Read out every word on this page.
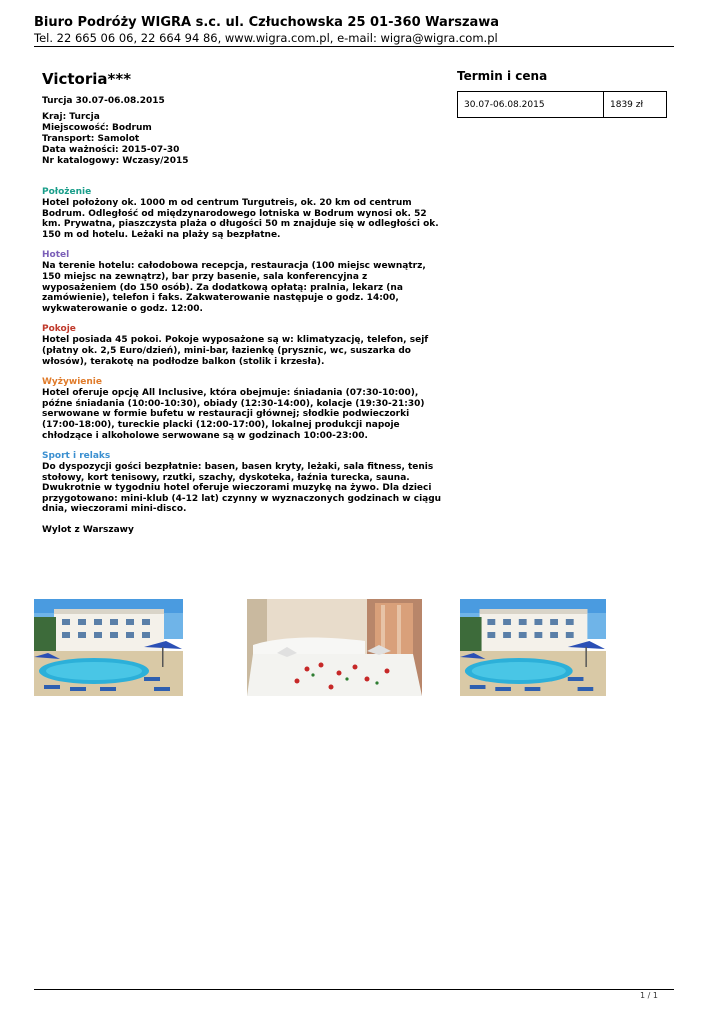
Biuro Podróży WIGRA s.c. ul. Człuchowska 25 01-360 Warszawa
Tel. 22 665 06 06, 22 664 94 86, www.wigra.com.pl, e-mail: wigra@wigra.com.pl
Victoria***
Turcja 30.07-06.08.2015
Kraj: Turcja
Miejscowość: Bodrum
Transport: Samolot
Data ważności: 2015-07-30
Nr katalogowy: Wczasy/2015
Położenie
Hotel położony ok. 1000 m od centrum Turgutreis, ok. 20 km od centrum Bodrum. Odległość od międzynarodowego lotniska w Bodrum wynosi ok. 52 km. Prywatna, piaszczysta plaża o długości 50 m znajduje się w odległości ok. 150 m od hotelu. Leżaki na plaży są bezpłatne.
Hotel
Na terenie hotelu: całodobowa recepcja, restauracja (100 miejsc wewnątrz, 150 miejsc na zewnątrz), bar przy basenie, sala konferencyjna z wyposażeniem (do 150 osób). Za dodatkową opłatą: pralnia, lekarz (na zamówienie), telefon i faks. Zakwaterowanie następuje o godz. 14:00, wykwaterowanie o godz. 12:00.
Pokoje
Hotel posiada 45 pokoi. Pokoje wyposażone są w: klimatyzację, telefon, sejf (płatny ok. 2,5 Euro/dzień), mini-bar, łazienkę (prysznic, wc, suszarka do włosów), terakotę na podłodze balkon (stolik i krzesła).
Wyżywienie
Hotel oferuje opcję All Inclusive, która obejmuje: śniadania (07:30-10:00), późne śniadania (10:00-10:30), obiady (12:30-14:00), kolacje (19:30-21:30) serwowane w formie bufetu w restauracji głównej; słodkie podwieczorki (17:00-18:00), tureckie placki (12:00-17:00), lokalnej produkcji napoje chłodzące i alkoholowe serwowane są w godzinach 10:00-23:00.
Sport i relaks
Do dyspozycji gości bezpłatnie: basen, basen kryty, leżaki, sala fitness, tenis stołowy, kort tenisowy, rzutki, szachy, dyskoteka, łaźnia turecka, sauna. Dwukrotnie w tygodniu hotel oferuje wieczorami muzykę na żywo. Dla dzieci przygotowano: mini-klub (4-12 lat) czynny w wyznaczonych godzinach w ciągu dnia, wieczorami mini-disco.
Wylot z Warszawy
Termin i cena
30.07-06.08.2015	1839 zł
1 / 1
